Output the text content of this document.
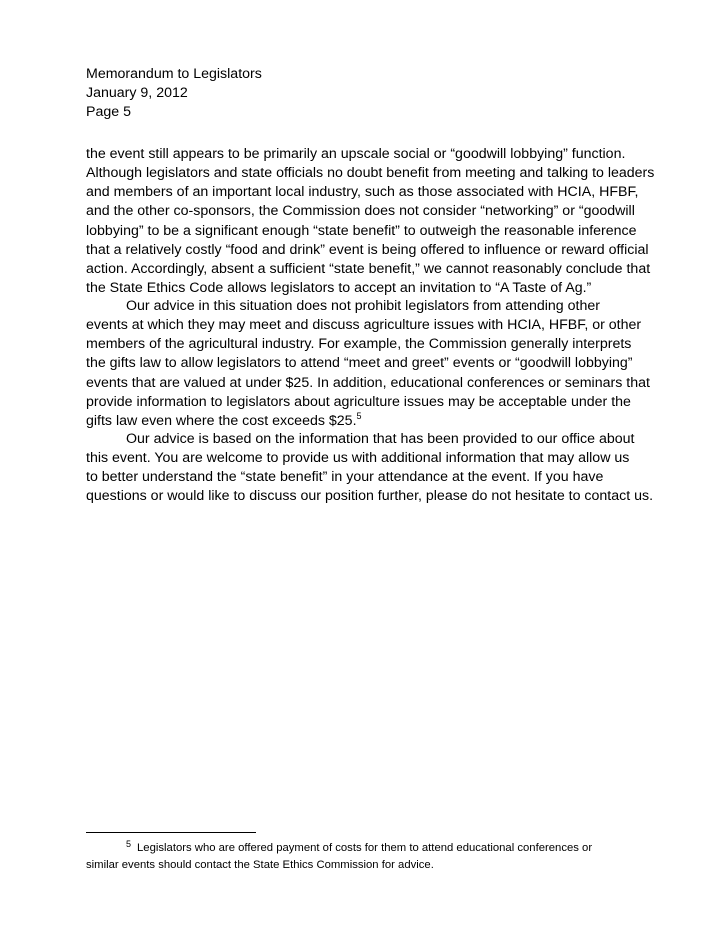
Memorandum to Legislators
January 9, 2012
Page 5
the event still appears to be primarily an upscale social or “goodwill lobbying” function.
Although legislators and state officials no doubt benefit from meeting and talking to leaders
and members of an important local industry, such as those associated with HCIA, HFBF,
and the other co-sponsors, the Commission does not consider “networking” or “goodwill
lobbying” to be a significant enough “state benefit” to outweigh the reasonable inference
that a relatively costly “food and drink” event is being offered to influence or reward official
action. Accordingly, absent a sufficient “state benefit,” we cannot reasonably conclude that
the State Ethics Code allows legislators to accept an invitation to “A Taste of Ag.”
Our advice in this situation does not prohibit legislators from attending other
events at which they may meet and discuss agriculture issues with HCIA, HFBF, or other
members of the agricultural industry. For example, the Commission generally interprets
the gifts law to allow legislators to attend “meet and greet” events or “goodwill lobbying”
events that are valued at under $25. In addition, educational conferences or seminars that
provide information to legislators about agriculture issues may be acceptable under the
gifts law even where the cost exceeds $25.$^5$
Our advice is based on the information that has been provided to our office about
this event. You are welcome to provide us with additional information that may allow us
to better understand the “state benefit” in your attendance at the event. If you have
questions or would like to discuss our position further, please do not hesitate to contact us.
$^5$ Legislators who are offered payment of costs for them to attend educational conferences or
similar events should contact the State Ethics Commission for advice.
